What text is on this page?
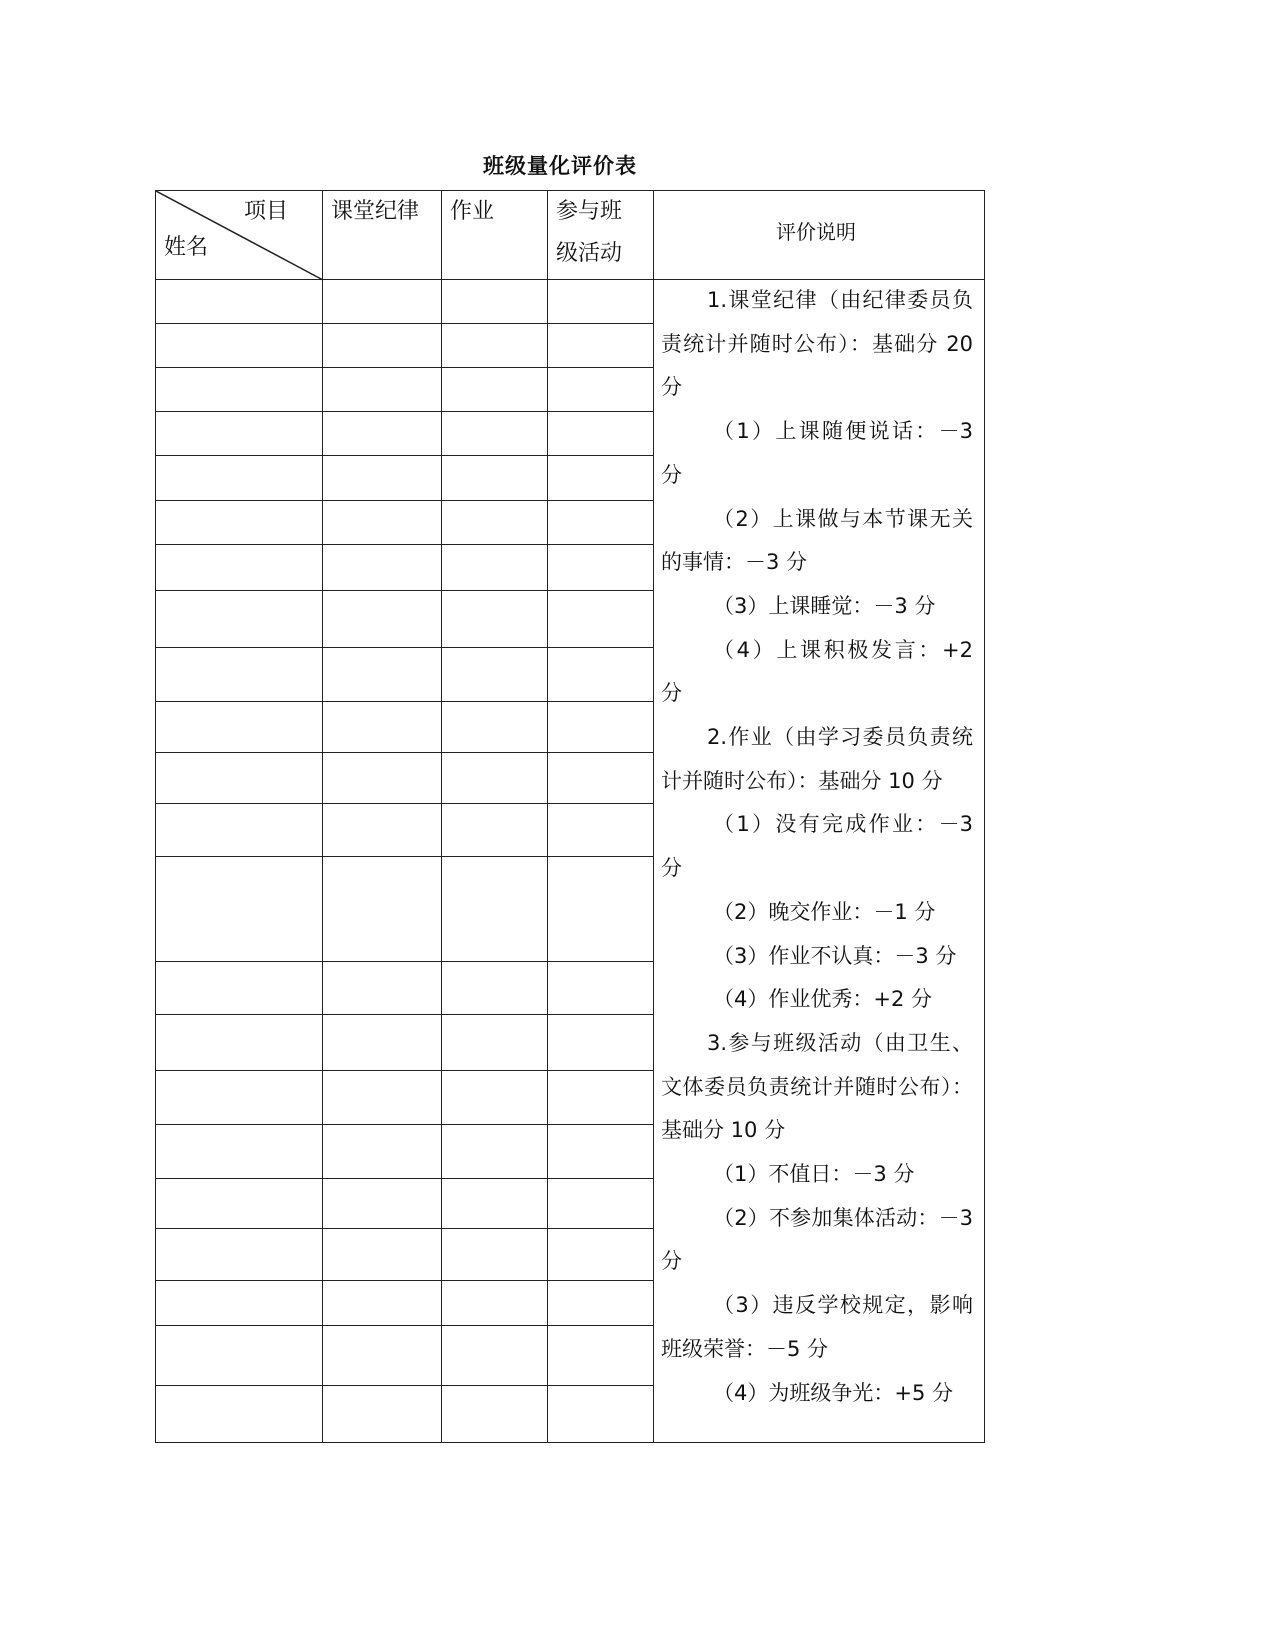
班级量化评价表
项目
姓名
课堂纪律 作业	参与班
级活动
评价说明

1.课堂纪律（由纪律委员负责统计并随时公布）：基础分 20 分

（1）上课随便说话：－3 分

（2）上课做与本节课无关的事情：－3 分

（3）上课睡觉：－3 分

（4）上课积极发言：+2 分

2.作业（由学习委员负责统计并随时公布）：基础分 10 分

（1）没有完成作业：－3 分

（2）晚交作业：－1 分

（3）作业不认真：－3 分

（4）作业优秀：+2 分

3.参与班级活动（由卫生、文体委员负责统计并随时公布）：基础分 10 分

（1）不值日：－3 分

（2）不参加集体活动：－3 分

（3）违反学校规定，影响班级荣誉：－5 分

（4）为班级争光：+5 分
